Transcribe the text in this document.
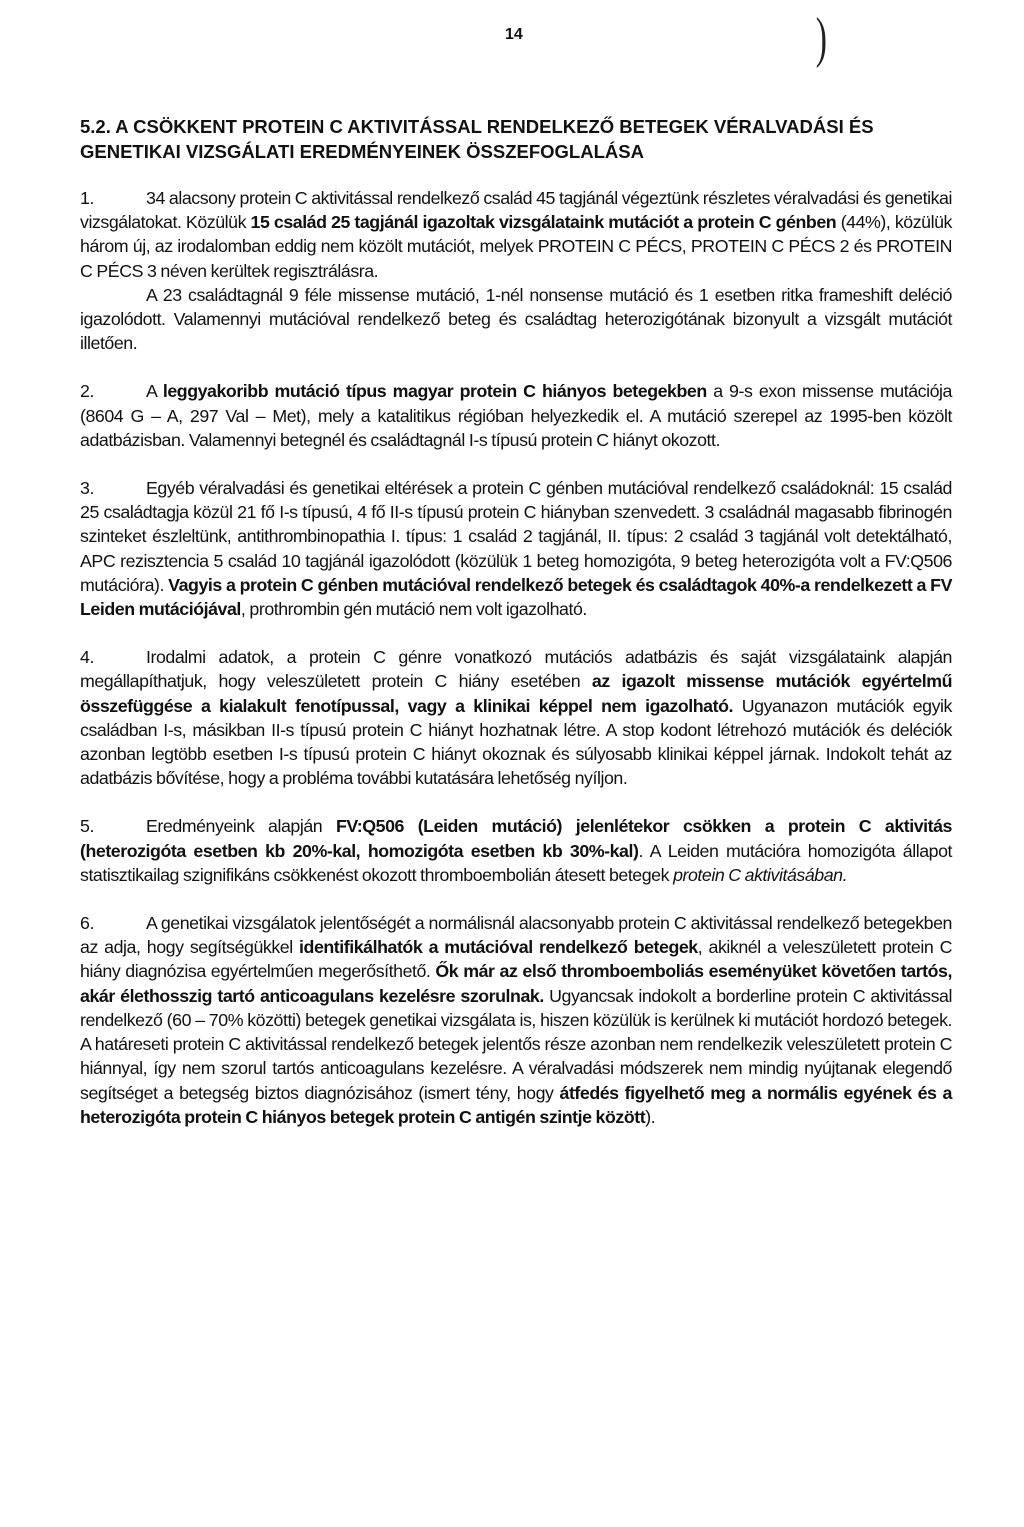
14	)
5.2. A CSÖKKENT PROTEIN C AKTIVITÁSSAL RENDELKEZŐ BETEGEK VÉRALVADÁSI ÉS GENETIKAI VIZSGÁLATI EREDMÉNYEINEK ÖSSZEFOGLALÁSA
1.	34 alacsony protein C aktivitással rendelkező család 45 tagjánál végeztünk részletes véralvadási és genetikai vizsgálatokat. Közülük 15 család 25 tagjánál igazoltak vizsgálataink mutációt a protein C génben (44%), közülük három új, az irodalomban eddig nem közölt mutációt, melyek PROTEIN C PÉCS, PROTEIN C PÉCS 2 és PROTEIN C PÉCS 3 néven kerültek regisztrálásra.
A 23 családtagnál 9 féle missense mutáció, 1-nél nonsense mutáció és 1 esetben ritka frameshift deléció igazolódott. Valamennyi mutációval rendelkező beteg és családtag heterozigótának bizonyult a vizsgált mutációt illetően.
2.	A leggyakoribb mutáció típus magyar protein C hiányos betegekben a 9-s exon missense mutációja (8604 G – A, 297 Val – Met), mely a katalitikus régióban helyezkedik el. A mutáció szerepel az 1995-ben közölt adatbázisban. Valamennyi betegnél és családtagnál I-s típusú protein C hiányt okozott.
3.	Egyéb véralvadási és genetikai eltérések a protein C génben mutációval rendelkező családoknál: 15 család 25 családtagja közül 21 fő I-s típusú, 4 fő II-s típusú protein C hiányban szenvedett. 3 családnál magasabb fibrinogén szinteket észleltünk, antithrombinopathia I. típus: 1 család 2 tagjánál, II. típus: 2 család 3 tagjánál volt detektálható, APC rezisztencia 5 család 10 tagjánál igazolódott (közülük 1 beteg homozigóta, 9 beteg heterozigóta volt a FV:Q506 mutációra). Vagyis a protein C génben mutációval rendelkező betegek és családtagok 40%-a rendelkezett a FV Leiden mutációjával, prothrombin gén mutáció nem volt igazolható.
4.	Irodalmi adatok, a protein C génre vonatkozó mutációs adatbázis és saját vizsgálataink alapján megállapíthatjuk, hogy veleszületett protein C hiány esetében az igazolt missense mutációk egyértelmű összefüggése a kialakult fenotípussal, vagy a klinikai képpel nem igazolható. Ugyanazon mutációk egyik családban I-s, másikban II-s típusú protein C hiányt hozhatnak létre. A stop kodont létrehozó mutációk és deléciók azonban legtöbb esetben I-s típusú protein C hiányt okoznak és súlyosabb klinikai képpel járnak. Indokolt tehát az adatbázis bővítése, hogy a probléma további kutatására lehetőség nyíljon.
5.	Eredményeink alapján FV:Q506 (Leiden mutáció) jelenlétekor csökken a protein C aktivitás (heterozigóta esetben kb 20%-kal, homozigóta esetben kb 30%-kal). A Leiden mutációra homozigóta állapot statisztikailag szignifikáns csökkenést okozott thromboembolián átesett betegek protein C aktivitásában.
6.	A genetikai vizsgálatok jelentőségét a normálisnál alacsonyabb protein C aktivitással rendelkező betegekben az adja, hogy segítségükkel identifikálhatók a mutációval rendelkező betegek, akiknél a veleszületett protein C hiány diagnózisa egyértelműen megerősíthető. Ők már az első thromboemboliás eseményüket követően tartós, akár élethosszig tartó anticoagulans kezelésre szorulnak. Ugyancsak indokolt a borderline protein C aktivitással rendelkező (60 – 70% közötti) betegek genetikai vizsgálata is, hiszen közülük is kerülnek ki mutációt hordozó betegek. A határeseti protein C aktivitással rendelkező betegek jelentős része azonban nem rendelkezik veleszületett protein C hiánnyal, így nem szorul tartós anticoagulans kezelésre. A véralvadási módszerek nem mindig nyújtanak elegendő segítséget a betegség biztos diagnózisához (ismert tény, hogy átfedés figyelhető meg a normális egyének és a heterozigóta protein C hiányos betegek protein C antigén szintje között).
